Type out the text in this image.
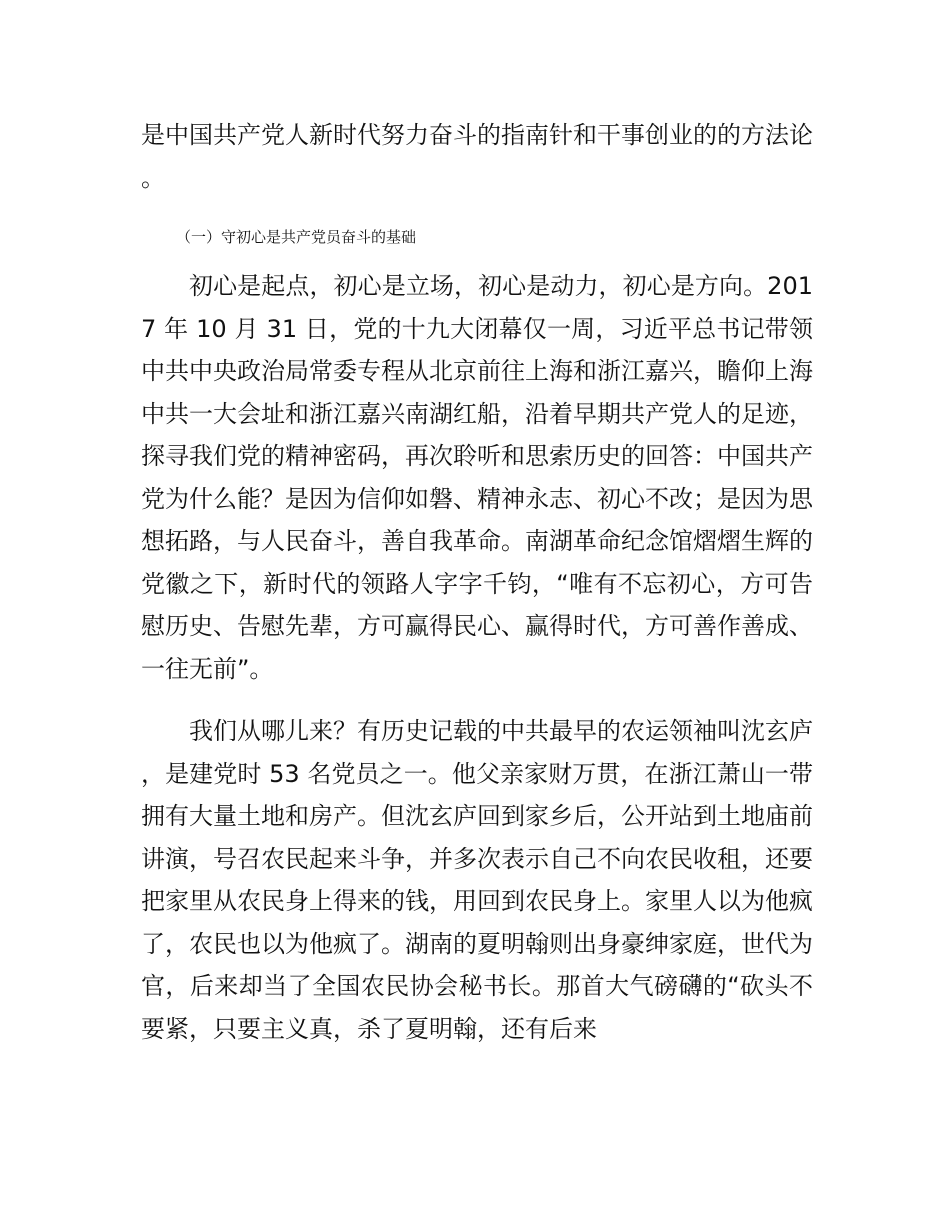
是中国共产党人新时代努力奋斗的指南针和干事创业的的方法论。

（一）守初心是共产党员奋斗的基础

初心是起点，初心是立场，初心是动力，初心是方向。2017 年 10 月 31 日，党的十九大闭幕仅一周，习近平总书记带领中共中央政治局常委专程从北京前往上海和浙江嘉兴，瞻仰上海中共一大会址和浙江嘉兴南湖红船，沿着早期共产党人的足迹，探寻我们党的精神密码，再次聆听和思索历史的回答：中国共产党为什么能？是因为信仰如磐、精神永志、初心不改；是因为思想拓路，与人民奋斗，善自我革命。南湖革命纪念馆熠熠生辉的党徽之下，新时代的领路人字字千钧，“唯有不忘初心，方可告慰历史、告慰先辈，方可赢得民心、赢得时代，方可善作善成、一往无前”。

我们从哪儿来？有历史记载的中共最早的农运领袖叫沈玄庐，是建党时 53 名党员之一。他父亲家财万贯，在浙江萧山一带拥有大量土地和房产。但沈玄庐回到家乡后，公开站到土地庙前讲演，号召农民起来斗争，并多次表示自己不向农民收租，还要把家里从农民身上得来的钱，用回到农民身上。家里人以为他疯了，农民也以为他疯了。湖南的夏明翰则出身豪绅家庭，世代为官，后来却当了全国农民协会秘书长。那首大气磅礴的“砍头不要紧，只要主义真，杀了夏明翰，还有后来
